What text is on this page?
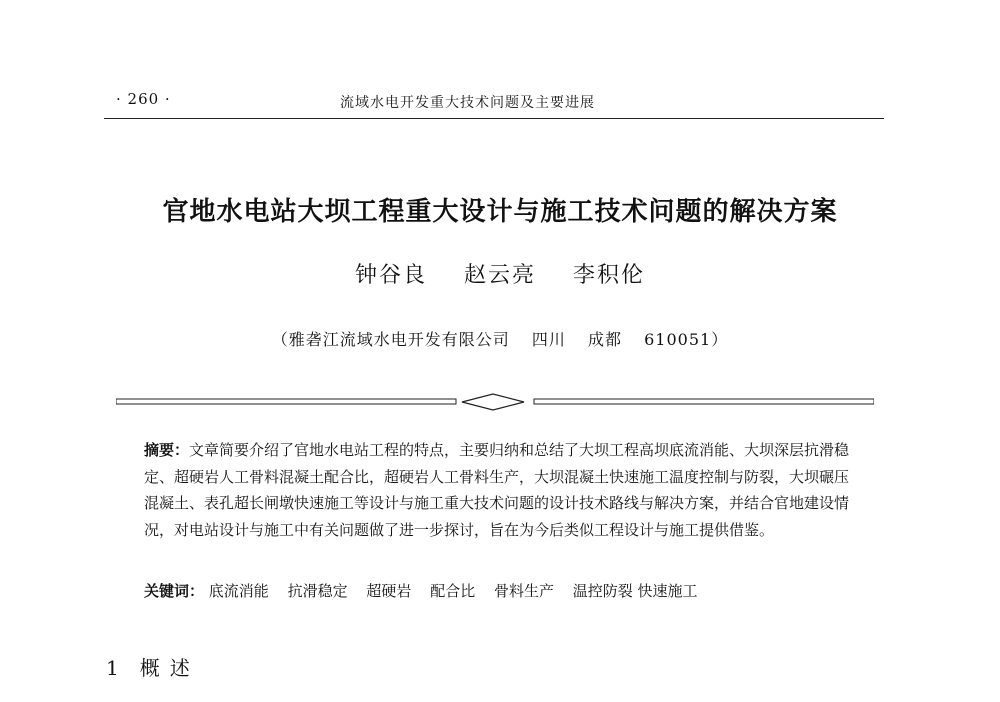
· 260 ·	流域水电开发重大技术问题及主要进展
官地水电站大坝工程重大设计与施工技术问题的解决方案
钟谷良 赵云亮 李积伦
（雅砻江流域水电开发有限公司 四川 成都 610051）
摘要：文章简要介绍了官地水电站工程的特点，主要归纳和总结了大坝工程高坝底流消能、大坝深层抗滑稳定、超硬岩人工骨料混凝土配合比，超硬岩人工骨料生产，大坝混凝土快速施工温度控制与防裂，大坝碾压混凝土、表孔超长闸墩快速施工等设计与施工重大技术问题的设计技术路线与解决方案，并结合官地建设情况，对电站设计与施工中有关问题做了进一步探讨，旨在为今后类似工程设计与施工提供借鉴。
关键词： 底流消能 抗滑稳定 超硬岩 配合比 骨料生产 温控防裂 快速施工
1 概述
